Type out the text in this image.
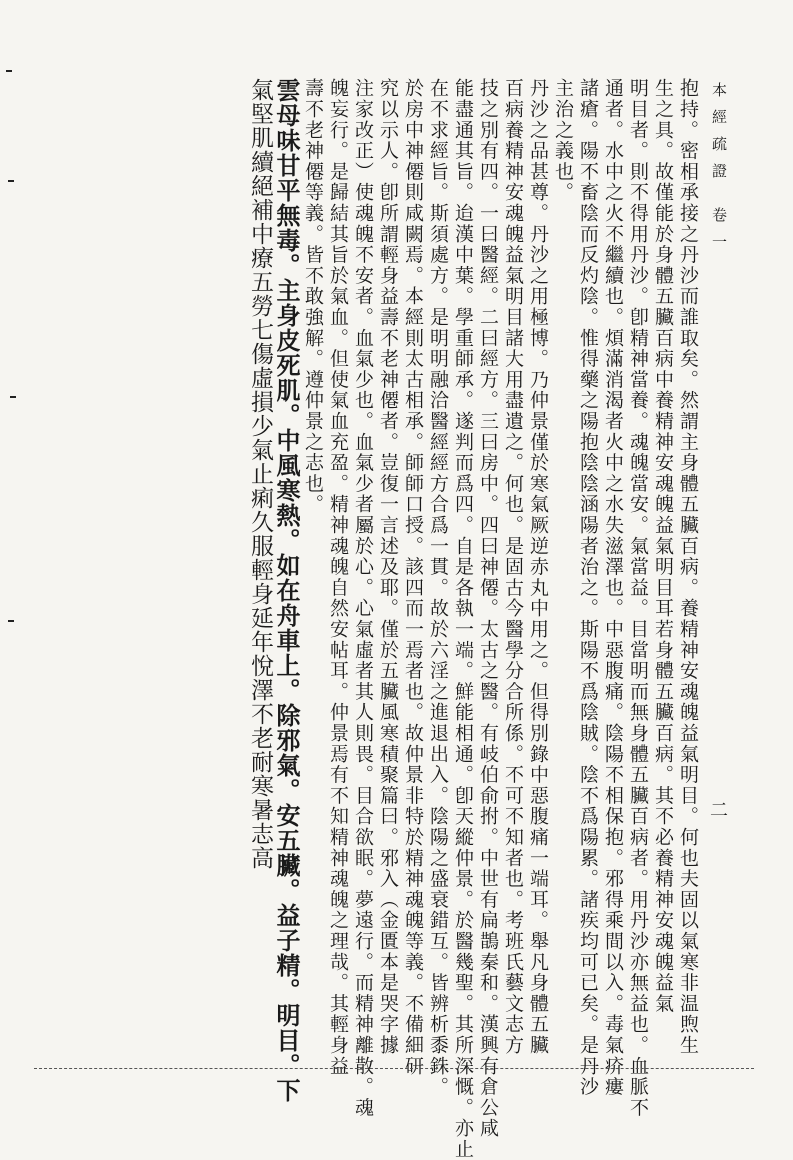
本經疏證 卷一
二
抱持。密相承接之丹沙而誰取矣。然謂主身體五臟百病。養精神安魂魄益氣明目。何也夫固以氣寒非温煦生
生之具。故僅能於身體五臟百病中養精神安魂魄益氣明目耳若身體五臟百病。其不必養精神安魂魄益氣
明目者。則不得用丹沙。卽精神當養。魂魄當安。氣當益。目當明而無身體五臟百病者。用丹沙亦無益也。血脈不
通者。水中之火不繼續也。煩滿消渴者火中之水失滋澤也。中惡腹痛。陰陽不相保抱。邪得乘間以入。毒氣疥瘻
諸瘡。陽不畜陰而反灼陰。惟得藥之陽抱陰陰涵陽者治之。斯陽不爲陰賊。陰不爲陽累。諸疾均可已矣。是丹沙
主治之義也。
丹沙之品甚尊。丹沙之用極博。乃仲景僅於寒氣厥逆赤丸中用之。但得別錄中惡腹痛一端耳。舉凡身體五臟
百病養精神安魂魄益氣明目諸大用盡遺之。何也。是固古今醫學分合所係。不可不知者也。考班氏藝文志方
技之別有四。一曰醫經。二曰經方。三曰房中。四曰神僊。太古之醫。有岐伯俞拊。中世有扁鵲秦和。漢興有倉公咸
能盡通其旨。迨漢中葉。學重師承。遂判而爲四。自是各執一端。鮮能相通。卽天縱仲景。於醫幾聖。其所深慨。亦止
在不求經旨。斯須處方。是明明融洽醫經經方合爲一貫。故於六淫之進退出入。陰陽之盛衰錯互。皆辨析黍銖。
於房中神僊則咸闕焉。本經則太古相承。師師口授。該四而一焉者也。故仲景非特於精神魂魄等義。不備細研
究以示人。卽所謂輕身益壽不老神僊者。豈復一言述及耶。僅於五臟風寒積聚篇曰。邪入（金匱本是哭字據
注家改正）使魂魄不安者。血氣少也。血氣少者屬於心。心氣虛者其人則畏。目合欲眠。夢遠行。而精神離散。魂
魄妄行。是歸結其旨於氣血。但使氣血充盈。精神魂魄自然安帖耳。仲景焉有不知精神魂魄之理哉。其輕身益
壽不老神僊等義。皆不敢強解。遵仲景之志也。
雲母味甘平無毒。主身皮死肌。中風寒熱。如在舟車上。除邪氣。安五臟。益子精。明目。下
氣堅肌續絕補中療五勞七傷虛損少氣止痢久服輕身延年悅澤不老耐寒暑志高
